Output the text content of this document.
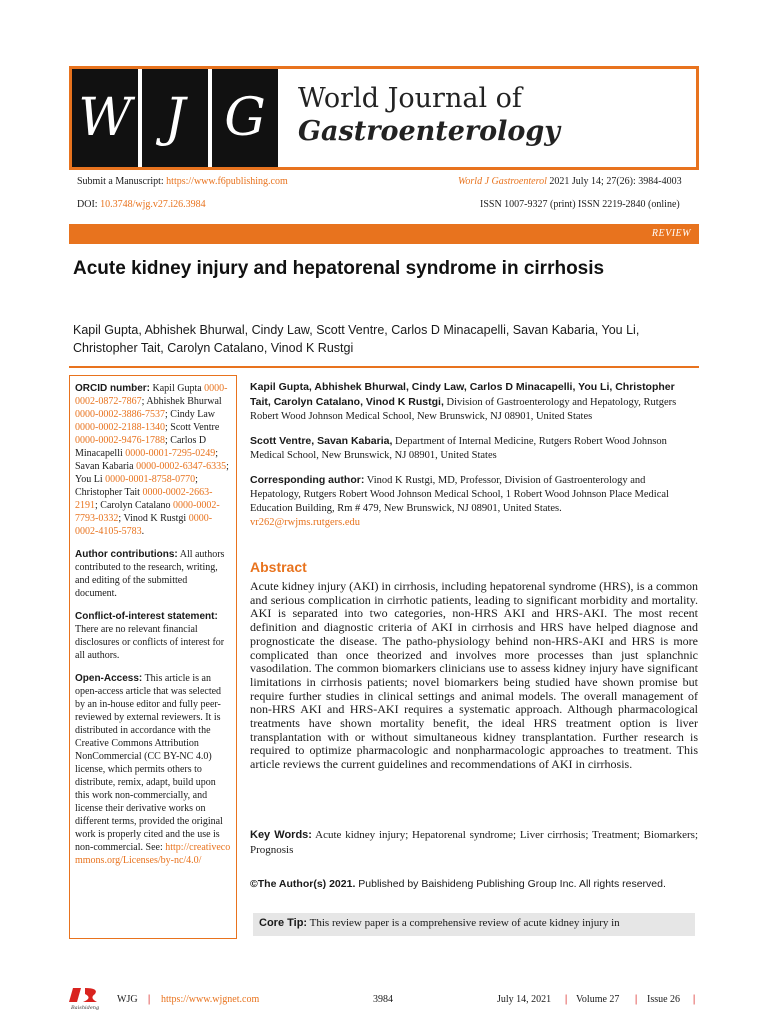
W J G	World Journal of
Gastroenterology
Submit a Manuscript: https://www.f6publishing.com	World J Gastroenterol 2021 July 14; 27(26): 3984-4003
DOI: 10.3748/wjg.v27.i26.3984	ISSN 1007-9327 (print) ISSN 2219-2840 (online)
REVIEW
Acute kidney injury and hepatorenal syndrome in cirrhosis
Kapil Gupta, Abhishek Bhurwal, Cindy Law, Scott Ventre, Carlos D Minacapelli, Savan Kabaria, You Li,
Christopher Tait, Carolyn Catalano, Vinod K Rustgi

ORCID number: Kapil Gupta 0000-0002-0872-7867; Abhishek Bhurwal 0000-0002-3886-7537; Cindy Law 0000-0002-2188-1340; Scott Ventre 0000-0002-9476-1788; Carlos D Minacapelli 0000-0001-7295-0249; Savan Kabaria 0000-0002-6347-6335; You Li 0000-0001-8758-0770; Christopher Tait 0000-0002-2663-2191; Carolyn Catalano 0000-0002-7793-0332; Vinod K Rustgi 0000-0002-4105-5783.

Author contributions: All authors contributed to the research, writing, and editing of the submitted document.

Conflict-of-interest statement: There are no relevant financial disclosures or conflicts of interest for all authors.

Open-Access: This article is an open-access article that was selected by an in-house editor and fully peer-reviewed by external reviewers. It is distributed in accordance with the Creative Commons Attribution NonCommercial (CC BY-NC 4.0) license, which permits others to distribute, remix, adapt, build upon this work non-commercially, and license their derivative works on different terms, provided the original work is properly cited and the use is non-commercial. See: http://creativecommons.org/Licenses/by-nc/4.0/

Kapil Gupta, Abhishek Bhurwal, Cindy Law, Carlos D Minacapelli, You Li, Christopher Tait, Carolyn Catalano, Vinod K Rustgi, Division of Gastroenterology and Hepatology, Rutgers Robert Wood Johnson Medical School, New Brunswick, NJ 08901, United States
Scott Ventre, Savan Kabaria, Department of Internal Medicine, Rutgers Robert Wood Johnson Medical School, New Brunswick, NJ 08901, United States
Corresponding author: Vinod K Rustgi, MD, Professor, Division of Gastroenterology and Hepatology, Rutgers Robert Wood Johnson Medical School, 1 Robert Wood Johnson Place Medical Education Building, Rm # 479, New Brunswick, NJ 08901, United States.
vr262@rwjms.rutgers.edu
Abstract

Acute kidney injury (AKI) in cirrhosis, including hepatorenal syndrome (HRS), is a common and serious complication in cirrhotic patients, leading to significant morbidity and mortality. AKI is separated into two categories, non-HRS AKI and HRS-AKI. The most recent definition and diagnostic criteria of AKI in cirrhosis and HRS have helped diagnose and prognosticate the disease. The patho-physiology behind non-HRS-AKI and HRS is more complicated than once theorized and involves more processes than just splanchnic vasodilation. The common biomarkers clinicians use to assess kidney injury have significant limitations in cirrhosis patients; novel biomarkers being studied have shown promise but require further studies in clinical settings and animal models. The overall management of non-HRS AKI and HRS-AKI requires a systematic approach. Although pharmacological treatments have shown mortality benefit, the ideal HRS treatment option is liver transplantation with or without simultaneous kidney transplantation. Further research is required to optimize pharmacologic and nonpharmacologic approaches to treatment. This article reviews the current guidelines and recommendations of AKI in cirrhosis.

Key Words: Acute kidney injury; Hepatorenal syndrome; Liver cirrhosis; Treatment; Biomarkers; Prognosis

©The Author(s) 2021. Published by Baishideng Publishing Group Inc. All rights reserved.

Core Tip: This review paper is a comprehensive review of acute kidney injury in
Baishideng
WJG | https://www.wjgnet.com	3984	July 14, 2021 | Volume 27 | Issue 26 |
